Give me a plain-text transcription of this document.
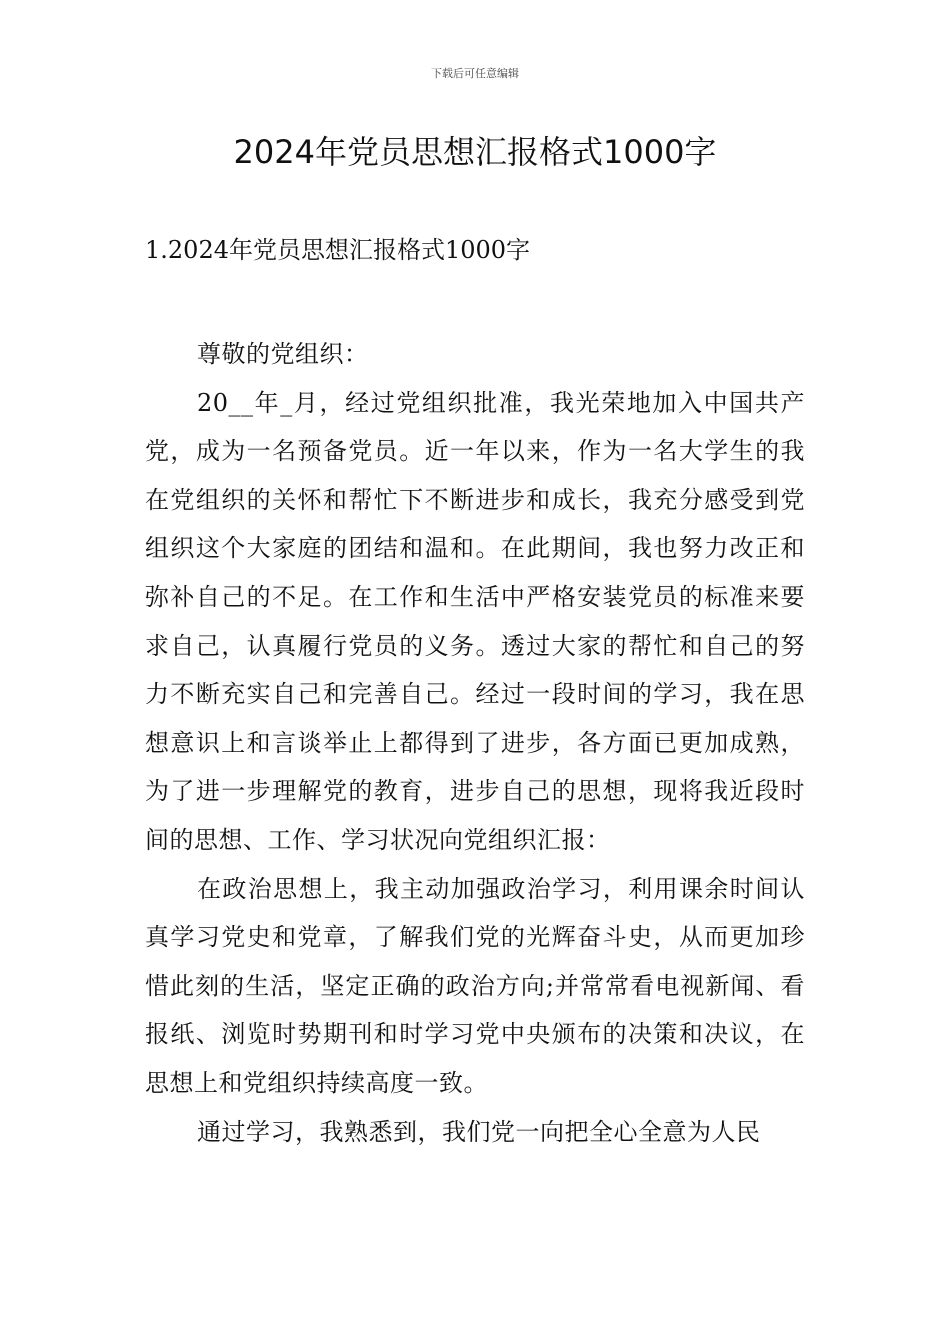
下载后可任意编辑
2024年党员思想汇报格式1000字
1.2024年党员思想汇报格式1000字

尊敬的党组织：

20__年_月，经过党组织批准，我光荣地加入中国共产党，成为一名预备党员。近一年以来，作为一名大学生的我在党组织的关怀和帮忙下不断进步和成长，我充分感受到党组织这个大家庭的团结和温和。在此期间，我也努力改正和弥补自己的不足。在工作和生活中严格安装党员的标准来要求自己，认真履行党员的义务。透过大家的帮忙和自己的努力不断充实自己和完善自己。经过一段时间的学习，我在思想意识上和言谈举止上都得到了进步，各方面已更加成熟，为了进一步理解党的教育，进步自己的思想，现将我近段时间的思想、工作、学习状况向党组织汇报：

在政治思想上，我主动加强政治学习，利用课余时间认真学习党史和党章，了解我们党的光辉奋斗史，从而更加珍惜此刻的生活，坚定正确的政治方向;并常常看电视新闻、看报纸、浏览时势期刊和时学习党中央颁布的决策和决议，在思想上和党组织持续高度一致。

通过学习，我熟悉到，我们党一向把全心全意为人民
